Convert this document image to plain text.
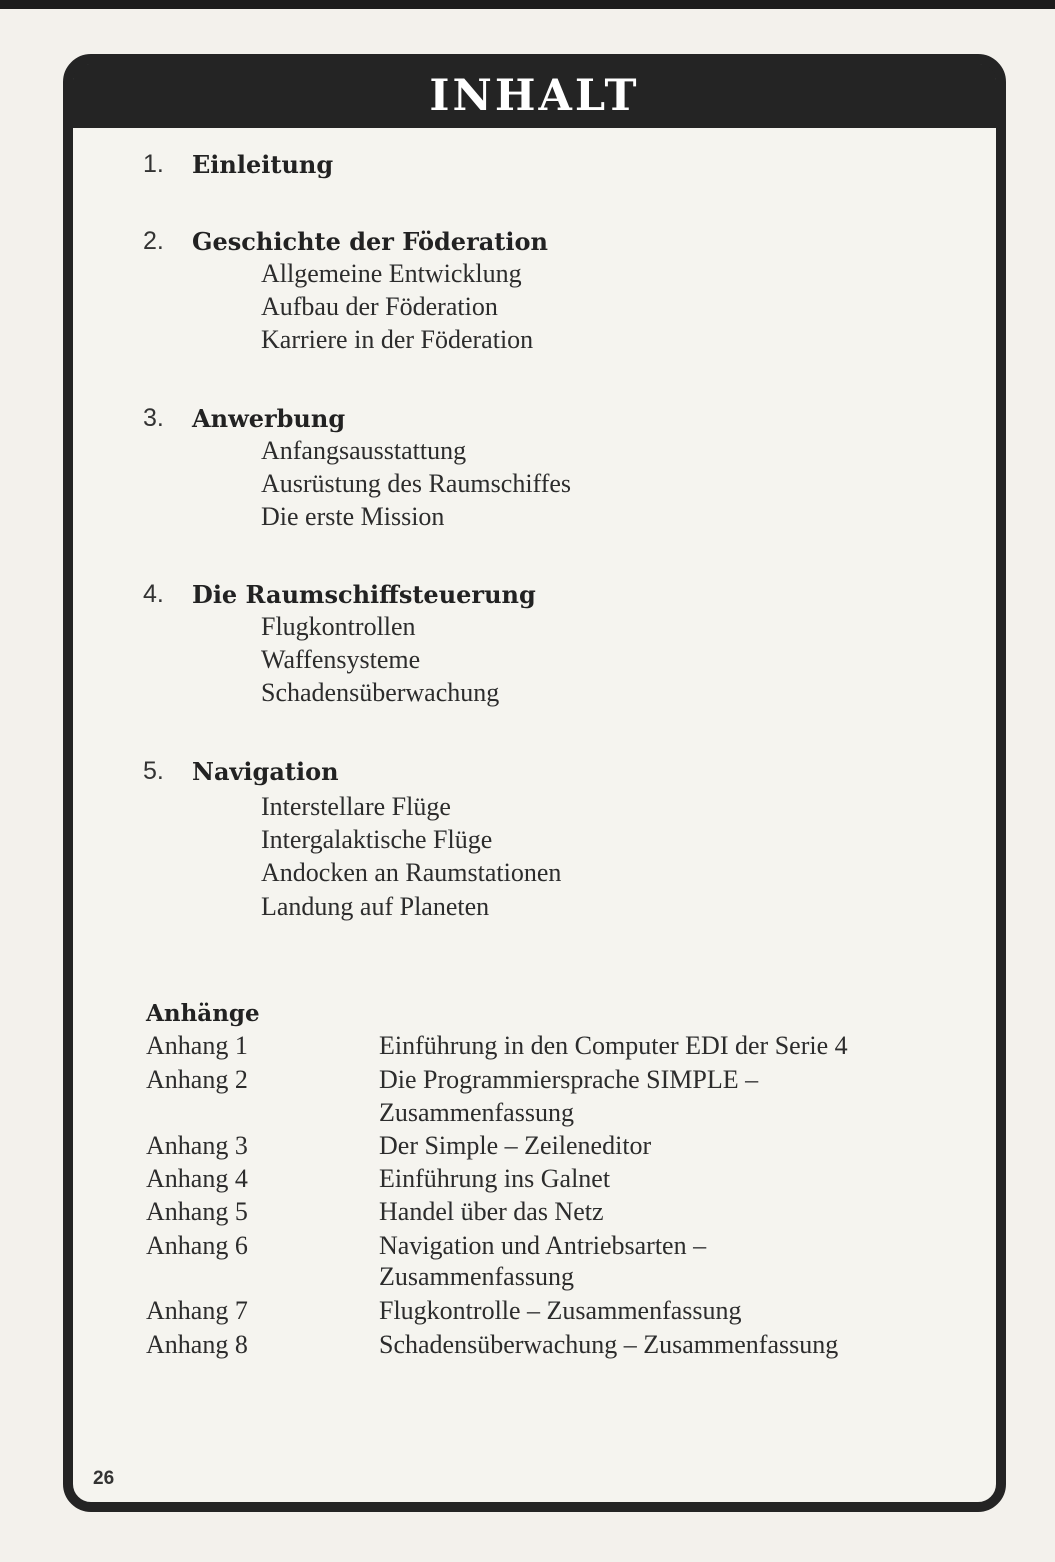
INHALT
1. Einleitung
2. Geschichte der Föderation
Allgemeine Entwicklung
Aufbau der Föderation
Karriere in der Föderation
3. Anwerbung
Anfangsausstattung
Ausrüstung des Raumschiffes
Die erste Mission
4. Die Raumschiffsteuerung
Flugkontrollen
Waffensysteme
Schadensüberwachung
5. Navigation
Interstellare Flüge
Intergalaktische Flüge
Andocken an Raumstationen
Landung auf Planeten
Anhänge
Anhang 1	Einführung in den Computer EDI der Serie 4
Anhang 2	Die Programmiersprache SIMPLE –
Zusammenfassung
Anhang 3	Der Simple – Zeileneditor
Anhang 4	Einführung ins Galnet
Anhang 5	Handel über das Netz
Anhang 6	Navigation und Antriebsarten –
Zusammenfassung
Anhang 7	Flugkontrolle – Zusammenfassung
Anhang 8	Schadensüberwachung – Zusammenfassung
26
